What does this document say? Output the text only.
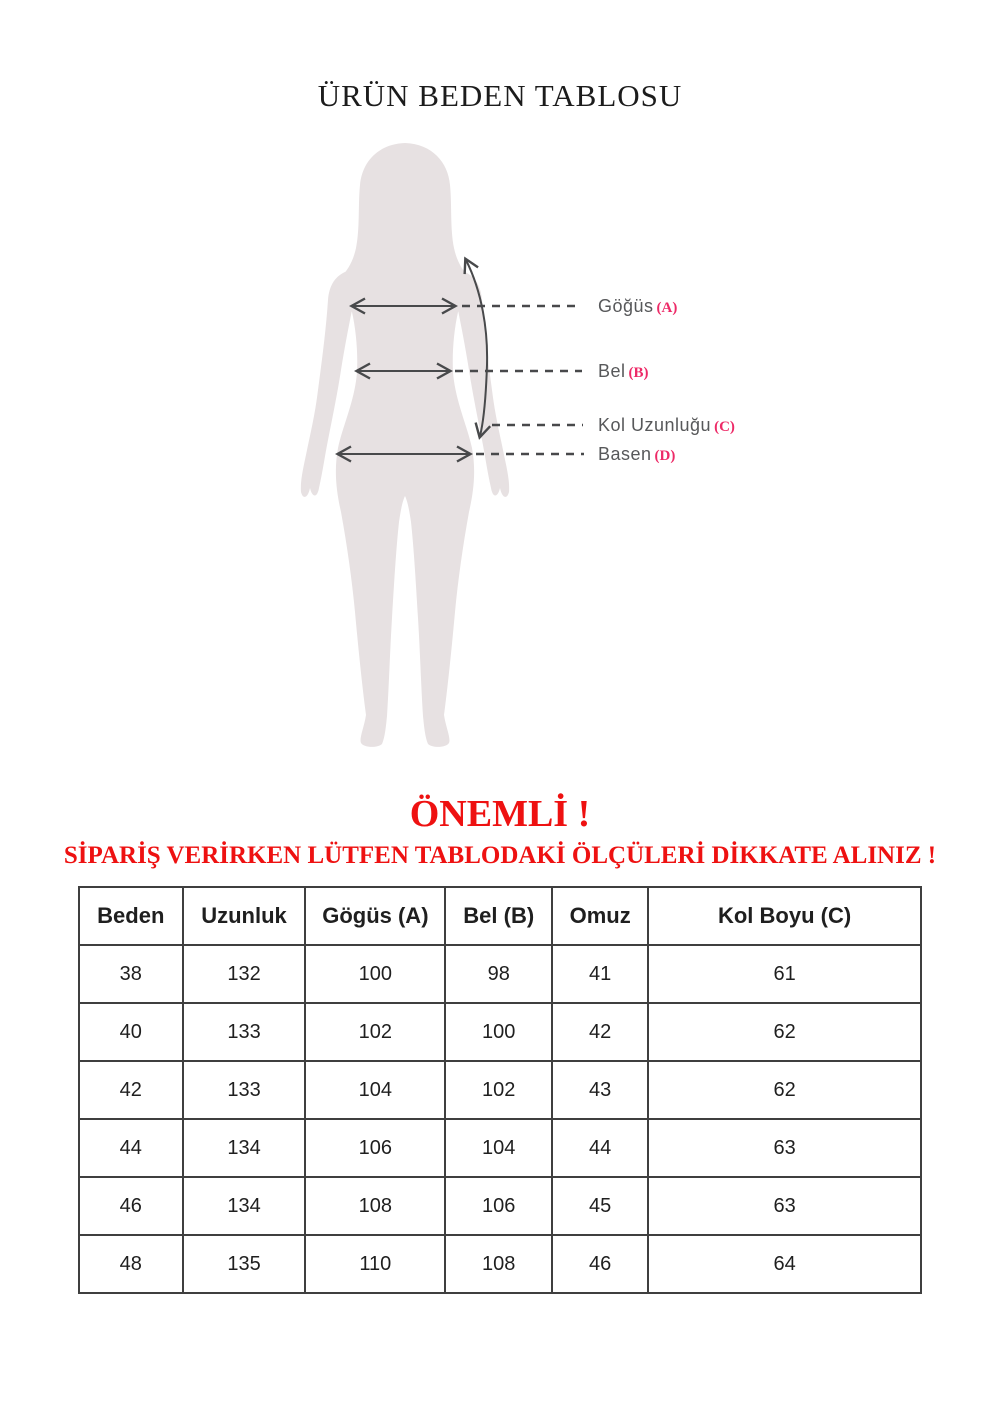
ÜRÜN BEDEN TABLOSU
Göğüs (A)
Bel (B)
Kol Uzunluğu (C)
Basen (D)
ÖNEMLİ !
SİPARİŞ VERİRKEN LÜTFEN TABLODAKİ ÖLÇÜLERİ DİKKATE ALINIZ !
Beden	Uzunluk	Gögüs (A)	Bel (B)	Omuz	Kol Boyu (C)
38	132	100	98	41	61
40	133	102	100	42	62
42	133	104	102	43	62
44	134	106	104	44	63
46	134	108	106	45	63
48	135	110	108	46	64
